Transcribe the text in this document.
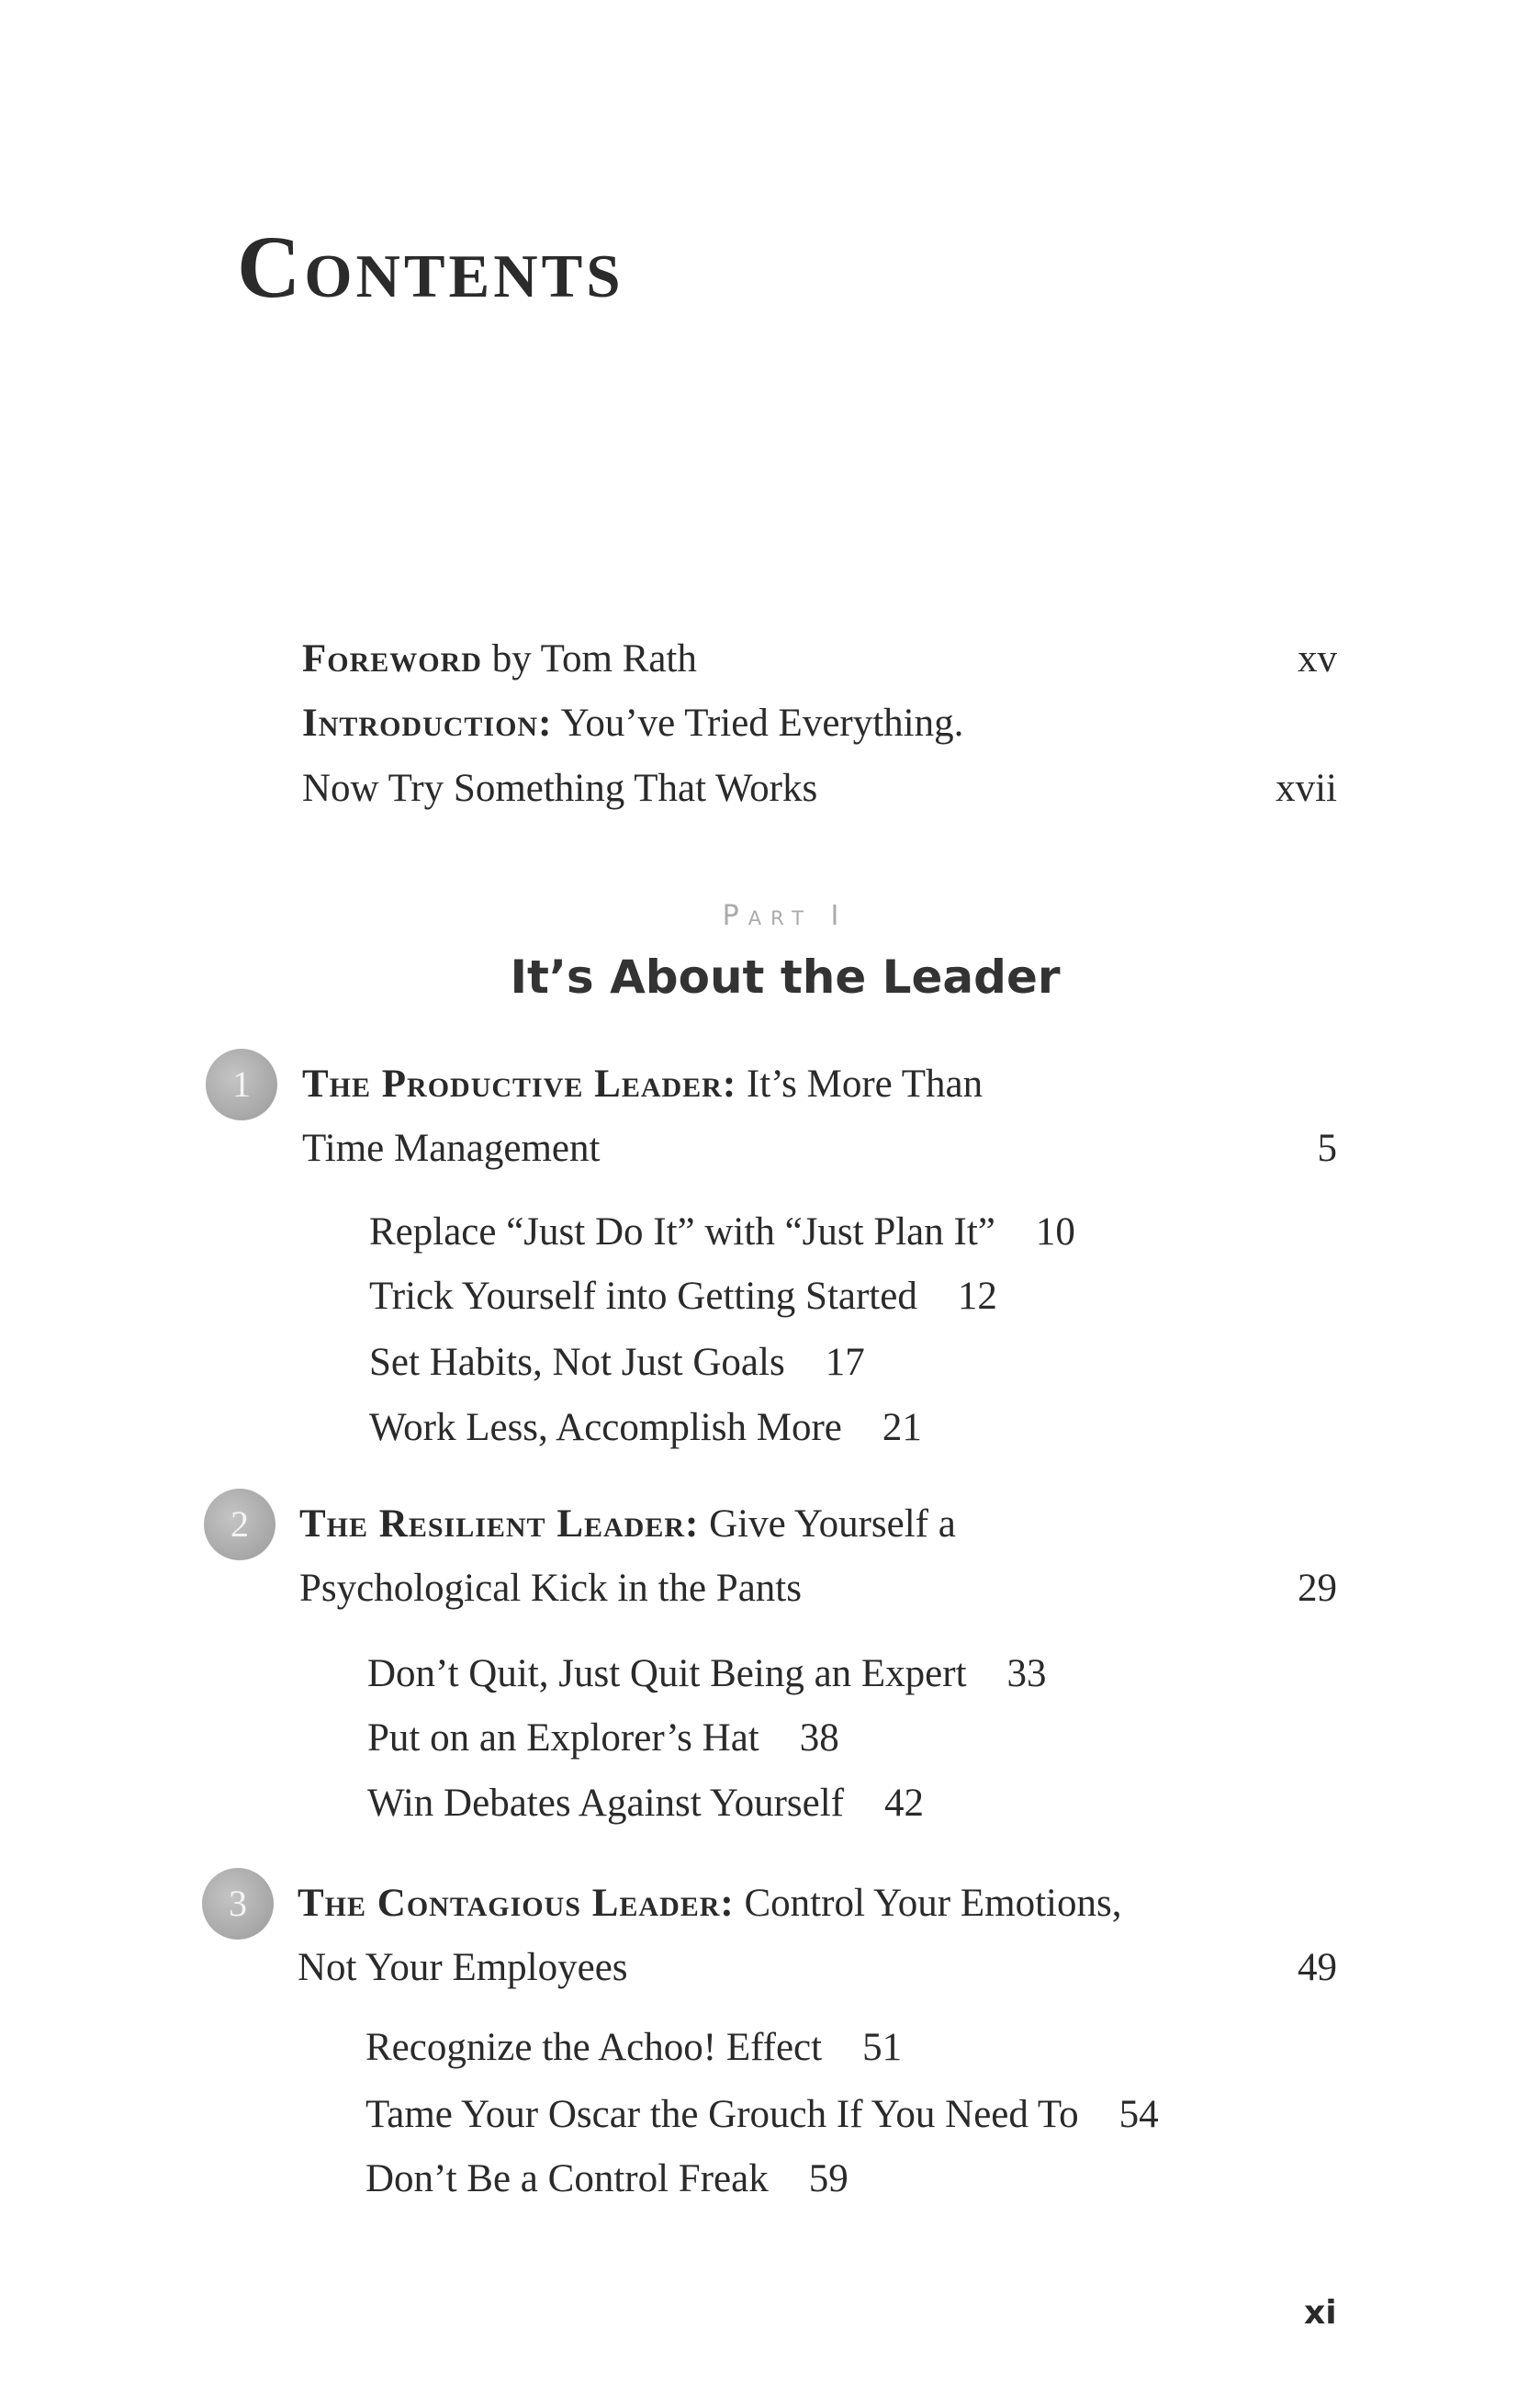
Contents
Foreword by Tom Rath	xv
Introduction: You’ve Tried Everything.
Now Try Something That Works	xvii
Part I
It’s About the Leader
1	The Productive Leader: It’s More Than
Time Management	5
Replace “Just Do It” with “Just Plan It” 10
Trick Yourself into Getting Started 12
Set Habits, Not Just Goals 17
Work Less, Accomplish More 21
2	The Resilient Leader: Give Yourself a
Psychological Kick in the Pants	29
Don’t Quit, Just Quit Being an Expert 33
Put on an Explorer’s Hat 38
Win Debates Against Yourself 42
3	The Contagious Leader: Control Your Emotions,
Not Your Employees	49
Recognize the Achoo! Effect 51
Tame Your Oscar the Grouch If You Need To 54
Don’t Be a Control Freak 59
xi
